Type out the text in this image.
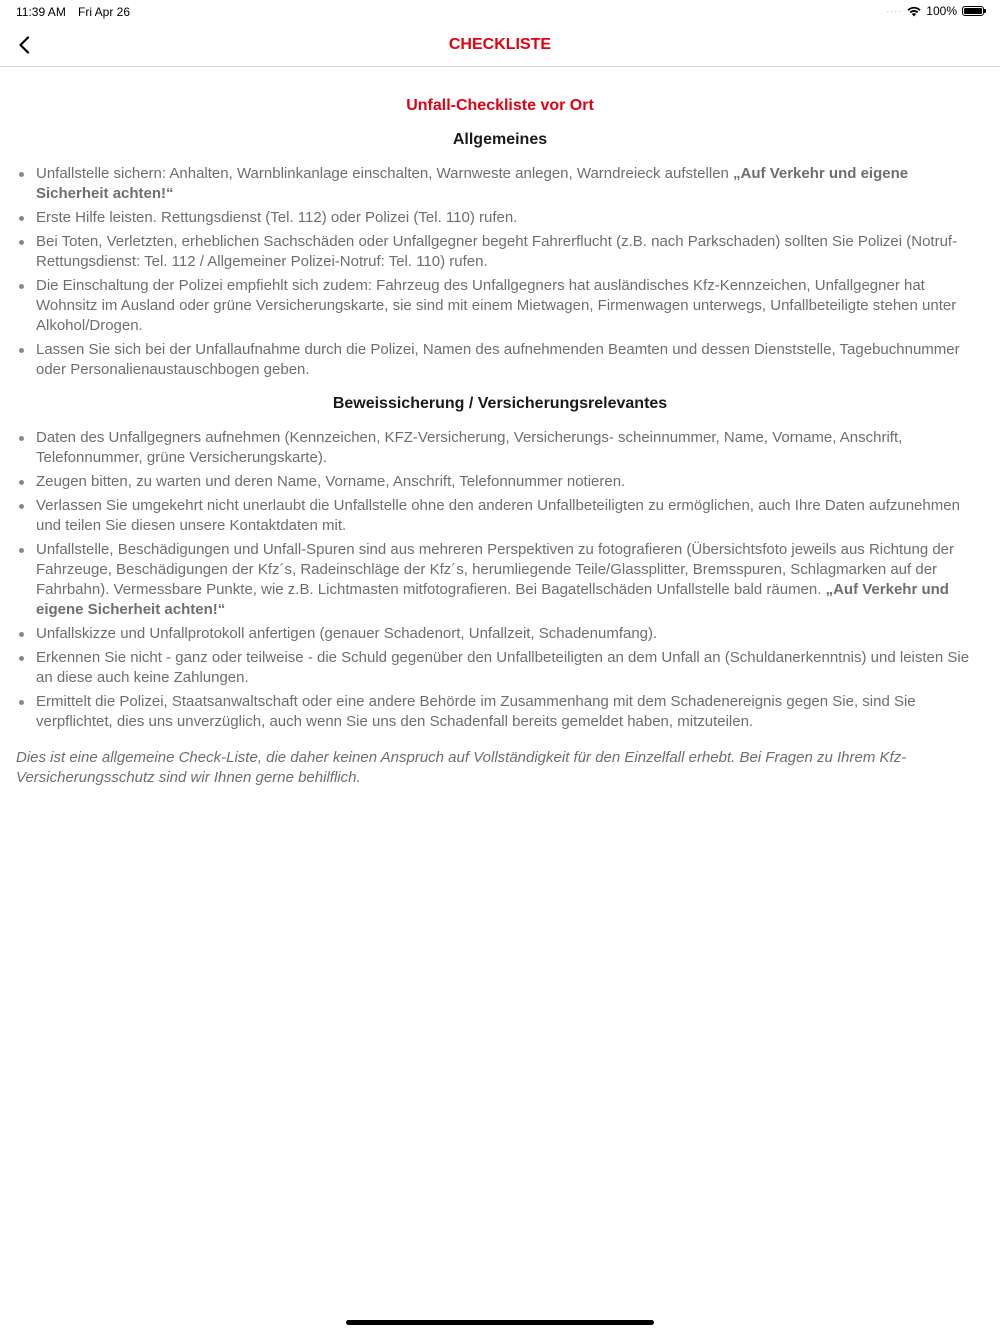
11:39 AM Fri Apr 26	···· 100%
CHECKLISTE
Unfall-Checkliste vor Ort
Allgemeines
Unfallstelle sichern: Anhalten, Warnblinkanlage einschalten, Warnweste anlegen, Warndreieck aufstellen „Auf Verkehr und eigene Sicherheit achten!“
Erste Hilfe leisten. Rettungsdienst (Tel. 112) oder Polizei (Tel. 110) rufen.
Bei Toten, Verletzten, erheblichen Sachschäden oder Unfallgegner begeht Fahrerflucht (z.B. nach Parkschaden) sollten Sie Polizei (Notruf-Rettungsdienst: Tel. 112 / Allgemeiner Polizei-Notruf: Tel. 110) rufen.
Die Einschaltung der Polizei empfiehlt sich zudem: Fahrzeug des Unfallgegners hat ausländisches Kfz-Kennzeichen, Unfallgegner hat Wohnsitz im Ausland oder grüne Versicherungskarte, sie sind mit einem Mietwagen, Firmenwagen unterwegs, Unfallbeteiligte stehen unter Alkohol/Drogen.
Lassen Sie sich bei der Unfallaufnahme durch die Polizei, Namen des aufnehmenden Beamten und dessen Dienststelle, Tagebuchnummer oder Personalienaustauschbogen geben.
Beweissicherung / Versicherungsrelevantes
Daten des Unfallgegners aufnehmen (Kennzeichen, KFZ-Versicherung, Versicherungs- scheinnummer, Name, Vorname, Anschrift, Telefonnummer, grüne Versicherungskarte).
Zeugen bitten, zu warten und deren Name, Vorname, Anschrift, Telefonnummer notieren.
Verlassen Sie umgekehrt nicht unerlaubt die Unfallstelle ohne den anderen Unfallbeteiligten zu ermöglichen, auch Ihre Daten aufzunehmen und teilen Sie diesen unsere Kontaktdaten mit.
Unfallstelle, Beschädigungen und Unfall-Spuren sind aus mehreren Perspektiven zu fotografieren (Übersichtsfoto jeweils aus Richtung der Fahrzeuge, Beschädigungen der Kfz´s, Radeinschläge der Kfz´s, herumliegende Teile/Glassplitter, Bremsspuren, Schlagmarken auf der Fahrbahn). Vermessbare Punkte, wie z.B. Lichtmasten mitfotografieren. Bei Bagatellschäden Unfallstelle bald räumen. „Auf Verkehr und eigene Sicherheit achten!“
Unfallskizze und Unfallprotokoll anfertigen (genauer Schadenort, Unfallzeit, Schadenumfang).
Erkennen Sie nicht - ganz oder teilweise - die Schuld gegenüber den Unfallbeteiligten an dem Unfall an (Schuldanerkenntnis) und leisten Sie an diese auch keine Zahlungen.
Ermittelt die Polizei, Staatsanwaltschaft oder eine andere Behörde im Zusammenhang mit dem Schadenereignis gegen Sie, sind Sie verpflichtet, dies uns unverzüglich, auch wenn Sie uns den Schadenfall bereits gemeldet haben, mitzuteilen.
Dies ist eine allgemeine Check-Liste, die daher keinen Anspruch auf Vollständigkeit für den Einzelfall erhebt. Bei Fragen zu Ihrem Kfz-Versicherungsschutz sind wir Ihnen gerne behilflich.
